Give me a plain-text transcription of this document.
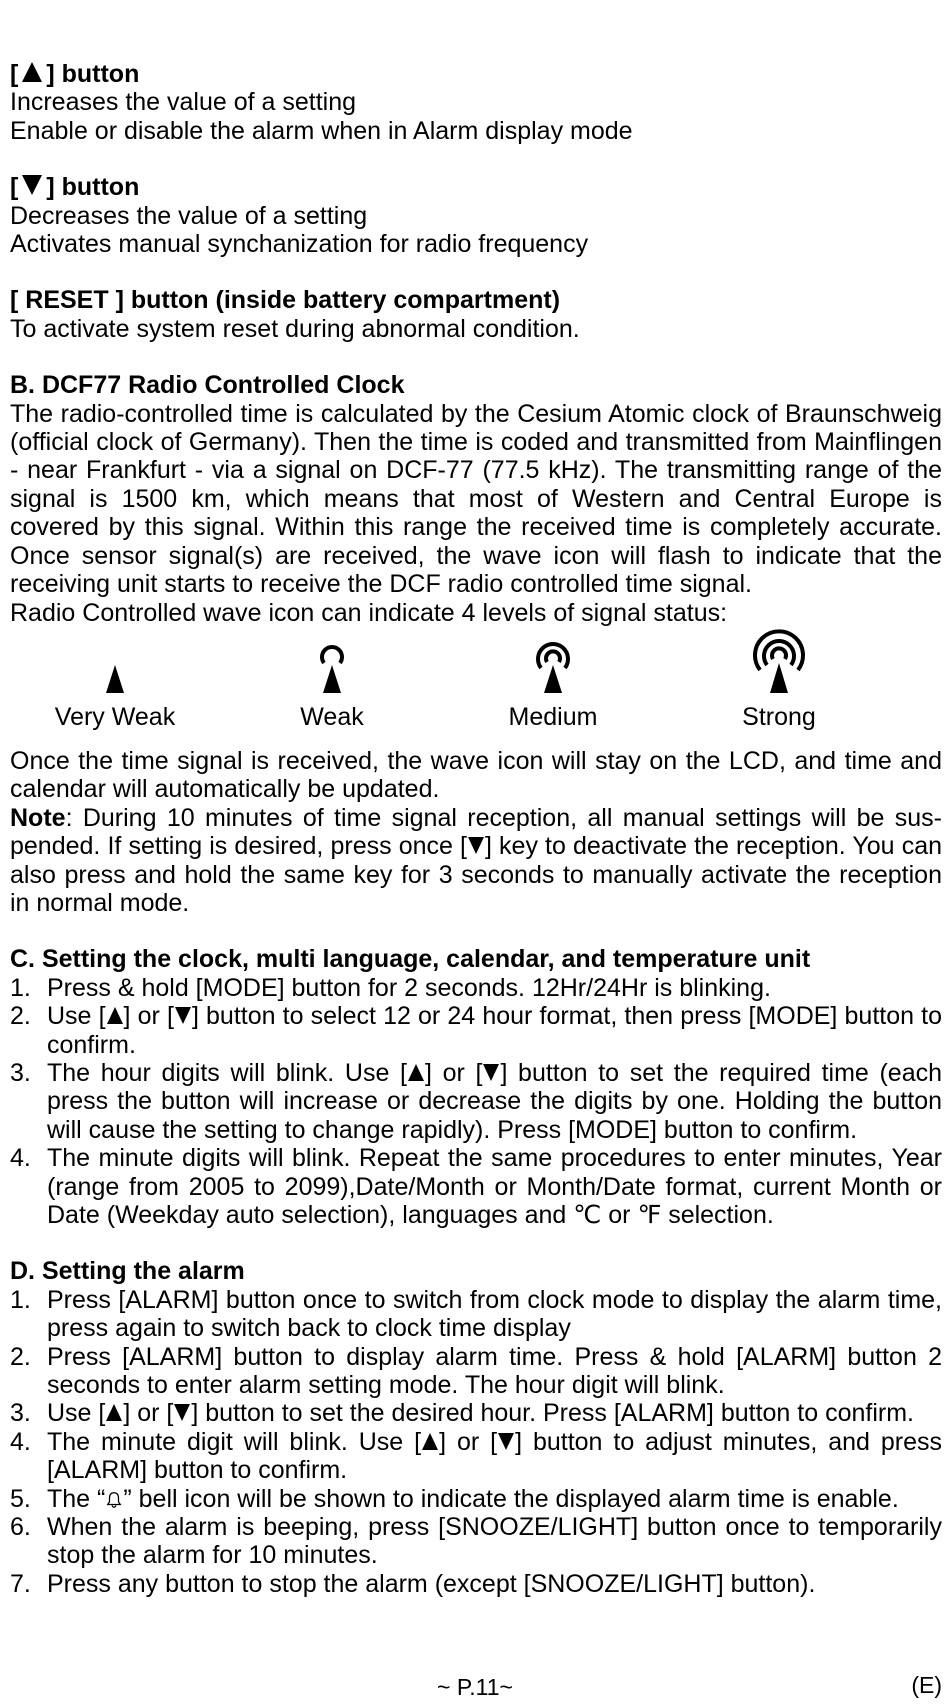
[ ] button
Increases the value of a setting
Enable or disable the alarm when in Alarm display mode
[ ] button
Decreases the value of a setting
Activates manual synchanization for radio frequency
[ RESET ] button (inside battery compartment)
To activate system reset during abnormal condition.
B. DCF77 Radio Controlled Clock
The radio-controlled time is calculated by the Cesium Atomic clock of Braunschweig (official clock of Germany). Then the time is coded and transmitted from Mainflingen - near Frankfurt - via a signal on DCF-77 (77.5 kHz). The transmitting range of the signal is 1500 km, which means that most of Western and Central Europe is covered by this signal. Within this range the received time is completely accurate. Once sensor signal(s) are received, the wave icon will flash to indicate that the receiving unit starts to receive the DCF radio controlled time signal.
Radio Controlled wave icon can indicate 4 levels of signal status:
Very Weak	Weak	Medium	Strong
Once the time signal is received, the wave icon will stay on the LCD, and time and calendar will automatically be updated.
Note: During 10 minutes of time signal reception, all manual settings will be sus-pended. If setting is desired, press once [ ] key to deactivate the reception. You can also press and hold the same key for 3 seconds to manually activate the reception in normal mode.
C. Setting the clock, multi language, calendar, and temperature unit
1. Press & hold [MODE] button for 2 seconds. 12Hr/24Hr is blinking.
2. Use [ ] or [ ] button to select 12 or 24 hour format, then press [MODE] button to confirm.
3. The hour digits will blink. Use [ ] or [ ] button to set the required time (each press the button will increase or decrease the digits by one. Holding the button will cause the setting to change rapidly). Press [MODE] button to confirm.
4. The minute digits will blink. Repeat the same procedures to enter minutes, Year (range from 2005 to 2099),Date/Month or Month/Date format, current Month or Date (Weekday auto selection), languages and ℃ or ℉ selection.
D. Setting the alarm
1. Press [ALARM] button once to switch from clock mode to display the alarm time, press again to switch back to clock time display
2. Press [ALARM] button to display alarm time. Press & hold [ALARM] button 2 seconds to enter alarm setting mode. The hour digit will blink.
3. Use [ ] or [ ] button to set the desired hour. Press [ALARM] button to confirm.
4. The minute digit will blink. Use [ ] or [ ] button to adjust minutes, and press [ALARM] button to confirm.
5. The “ ” bell icon will be shown to indicate the displayed alarm time is enable.
6. When the alarm is beeping, press [SNOOZE/LIGHT] button once to temporarily stop the alarm for 10 minutes.
7. Press any button to stop the alarm (except [SNOOZE/LIGHT] button).
~ P.11~	(E)
